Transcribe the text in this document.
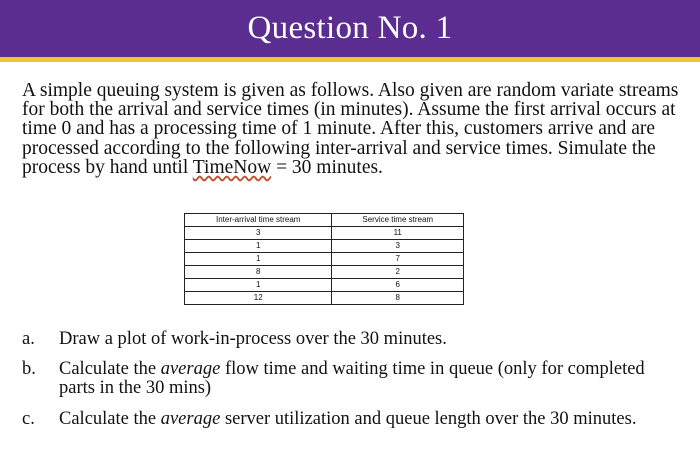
Question No. 1

A simple queuing system is given as follows. Also given are random variate streams for both the arrival and service times (in minutes). Assume the first arrival occurs at time 0 and has a processing time of 1 minute. After this, customers arrive and are processed according to the following inter-arrival and service times. Simulate the process by hand until TimeNow = 30 minutes.

Inter-arrival time stream	Service time stream
3	11
1	3
1	7
8	2
1	6
12	8
a.	Draw a plot of work-in-process over the 30 minutes.
b.	Calculate the average flow time and waiting time in queue (only for completed parts in the 30 mins)
c.	Calculate the average server utilization and queue length over the 30 minutes.
